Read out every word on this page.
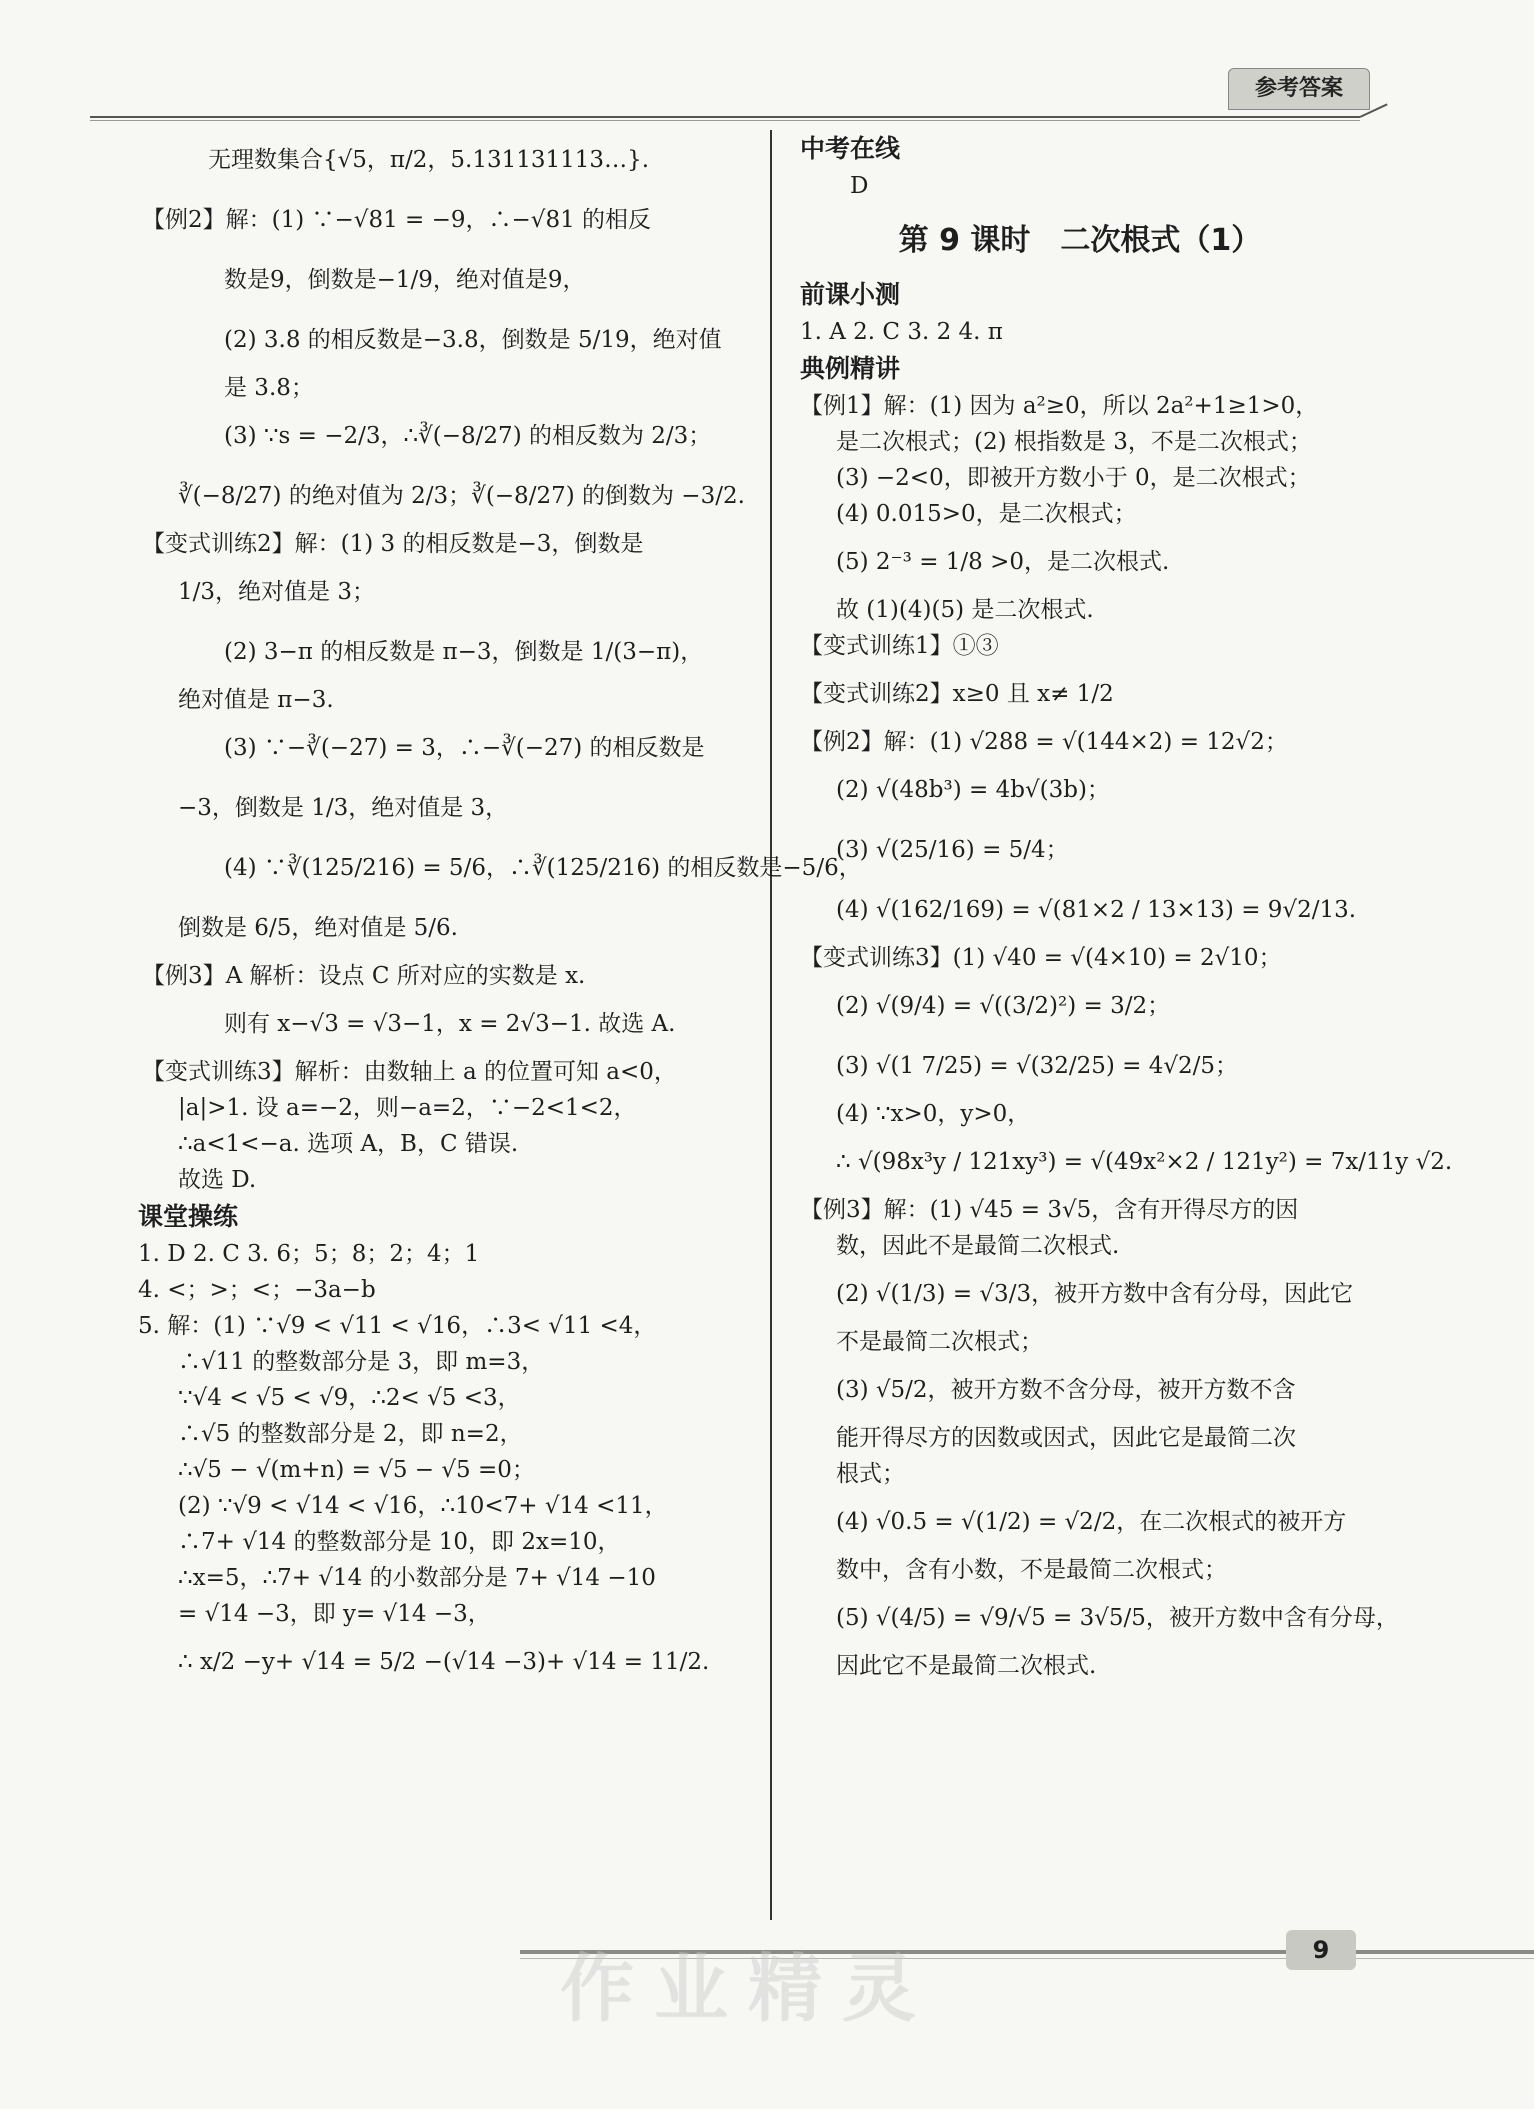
参考答案
无理数集合{√5，π/2，5.131131113…}.
【例2】解：(1) ∵−√81 = −9，∴−√81 的相反
数是9，倒数是−1/9，绝对值是9，
(2) 3.8 的相反数是−3.8，倒数是 5/19，绝对值
是 3.8；
(3) ∵s = −2/3，∴∛(−8/27) 的相反数为 2/3；
∛(−8/27) 的绝对值为 2/3；∛(−8/27) 的倒数为 −3/2.
【变式训练2】解：(1) 3 的相反数是−3，倒数是
1/3，绝对值是 3；
(2) 3−π 的相反数是 π−3，倒数是 1/(3−π)，
绝对值是 π−3.
(3) ∵−∛(−27) = 3，∴−∛(−27) 的相反数是
−3，倒数是 1/3，绝对值是 3，
(4) ∵∛(125/216) = 5/6，∴∛(125/216) 的相反数是−5/6，
倒数是 6/5，绝对值是 5/6.
【例3】A 解析：设点 C 所对应的实数是 x.
则有 x−√3 = √3−1，x = 2√3−1. 故选 A.
【变式训练3】解析：由数轴上 a 的位置可知 a<0，
|a|>1. 设 a=−2，则−a=2，∵−2<1<2，
∴a<1<−a. 选项 A，B，C 错误.
故选 D.
课堂操练
1. D 2. C 3. 6；5；8；2；4；1
4. <；>；<；−3a−b
5. 解：(1) ∵√9 < √11 < √16，∴3< √11 <4，
∴√11 的整数部分是 3，即 m=3，
∵√4 < √5 < √9，∴2< √5 <3，
∴√5 的整数部分是 2，即 n=2，
∴√5 − √(m+n) = √5 − √5 =0；
(2) ∵√9 < √14 < √16，∴10<7+ √14 <11，
∴7+ √14 的整数部分是 10，即 2x=10，
∴x=5，∴7+ √14 的小数部分是 7+ √14 −10
= √14 −3，即 y= √14 −3，
∴ x/2 −y+ √14 = 5/2 −(√14 −3)+ √14 = 11/2.
中考在线
D
第 9 课时　二次根式（1）
前课小测
1. A 2. C 3. 2 4. π
典例精讲
【例1】解：(1) 因为 a²≥0，所以 2a²+1≥1>0，
是二次根式；(2) 根指数是 3，不是二次根式；
(3) −2<0，即被开方数小于 0，是二次根式；
(4) 0.015>0，是二次根式；
(5) 2⁻³ = 1/8 >0，是二次根式.
故 (1)(4)(5) 是二次根式.
【变式训练1】①③
【变式训练2】x≥0 且 x≠ 1/2
【例2】解：(1) √288 = √(144×2) = 12√2；
(2) √(48b³) = 4b√(3b)；
(3) √(25/16) = 5/4；
(4) √(162/169) = √(81×2 / 13×13) = 9√2/13.
【变式训练3】(1) √40 = √(4×10) = 2√10；
(2) √(9/4) = √((3/2)²) = 3/2；
(3) √(1 7/25) = √(32/25) = 4√2/5；
(4) ∵x>0，y>0，
∴ √(98x³y / 121xy³) = √(49x²×2 / 121y²) = 7x/11y √2.
【例3】解：(1) √45 = 3√5，含有开得尽方的因
数，因此不是最简二次根式.
(2) √(1/3) = √3/3，被开方数中含有分母，因此它
不是最简二次根式；
(3) √5/2，被开方数不含分母，被开方数不含
能开得尽方的因数或因式，因此它是最简二次
根式；
(4) √0.5 = √(1/2) = √2/2，在二次根式的被开方
数中，含有小数，不是最简二次根式；
(5) √(4/5) = √9/√5 = 3√5/5，被开方数中含有分母，
因此它不是最简二次根式.
作业精灵	9
